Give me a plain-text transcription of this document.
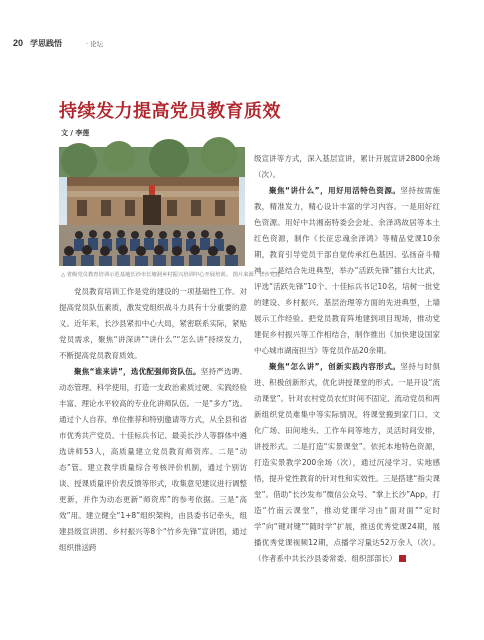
20 学思践悟	· 论坛
持续发力提高党员教育质效
文 / 李莲
△ 省级党员教育培训示范基地长沙市长塘洞乡村振兴培训中心开展培训。 图片来源：长沙党建

党员教育培训工作是党的建设的一项基础性工作。对提高党员队伍素质，激发党组织战斗力具有十分重要的意义。近年来，长沙县紧扣中心大局，紧密联系实际，紧贴党员需求，聚焦“讲深讲”“讲什么”“怎么讲”持续发力，不断提高党员教育质效。

聚焦“谁来讲”，选优配强师资队伍。坚持严选聘、动态管理、科学使用，打造一支政治素质过硬、实践经验丰富、理论水平较高的专业化讲师队伍。一是“多方”选。通过个人自荐、单位推荐和特别邀请等方式，从全县和省市优秀共产党员、十佳标兵书记、最美长沙人等群体中遴选讲师53人，高质量建立党员教育师资库。二是“动态”管。建立教学质量综合考核评价机制，通过个别访谈、授课质量评价表反馈等形式，收集意见建议进行调整更新，并作为动态更新“师资库”的参考依据。三是“高效”用。建立健全“1+8”组织架构，由县委书记牵头，组建县级宣讲团、乡村振兴等8个“竹乡先锋”宣讲团，通过组织推送跨

级宣讲等方式，深入基层宣讲，累计开展宣讲2800余场（次）。

聚焦“讲什么”，用好用活特色资源。坚持按需施教，精准发力，精心设计丰富的学习内容。一是用好红色资源。用好中共湘南特委会会址、余泽鸿故居等本土红色资源，制作《长征忠魂余泽鸿》等精品党课10余期，教育引导党员干部自觉传承红色基因、弘扬奋斗精神。二是结合先进典型，举办“活跃先锋”擂台大比武，评选“活跃先锋”10个、十佳标兵书记10名，培树一批党的建设、乡村振兴、基层治理等方面的先进典型，上墙展示工作经验。把党员教育阵地建到项目现场，推动党建促乡村振兴等工作相结合，制作推出《加快建设国家中心城市湖南担当》等党员作品20余期。

聚焦“怎么讲”，创新实践内容形式。坚持与时俱进、积极创新形式，优化讲授课堂的形式。一是开设“流动课堂”。针对农村党员农忙时间不固定、流动党员和两新组织党员难集中等实际情况，将课堂搬到家门口、文化广场、田间地头、工作车间等地方，灵活时间安排，讲授形式。二是打造“实景课堂”。依托本地特色资源，打造实景教学200余场（次），通过沉浸学习、实地感悟，提升党性教育的针对性和实效性。三是搭建“指尖课堂”。借助“长沙发布”微信公众号、“掌上长沙”App，打造“竹南云课堂”，推动党课学习由“面对面”“定时学”向“键对键”“随时学”扩展，推送优秀党课24期，展播优秀党课视频12期，点播学习量达52万余人（次）。（作者系中共长沙县委常委、组织部部长）
